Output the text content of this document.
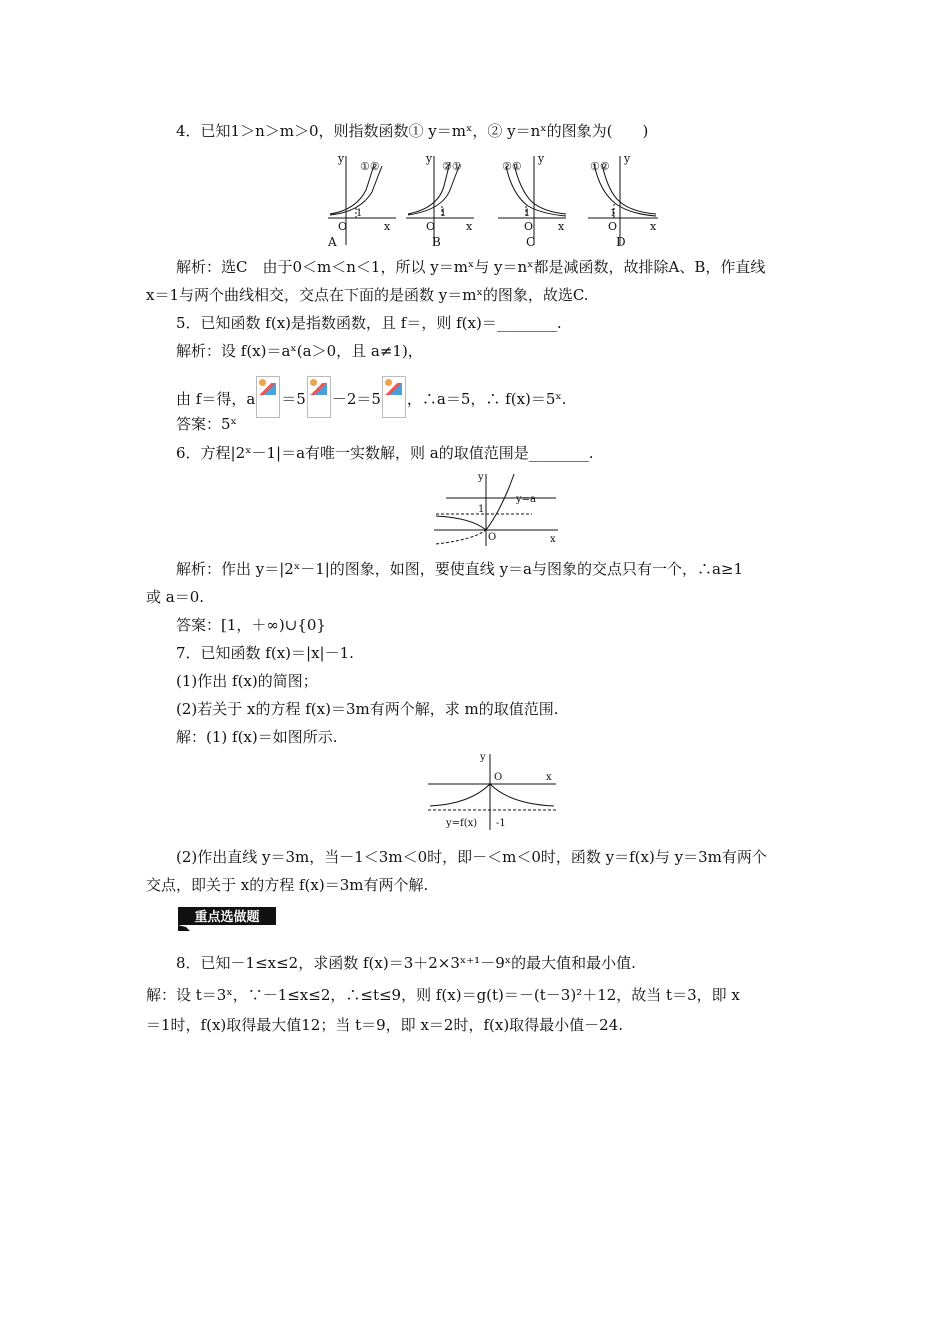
4．已知1＞n＞m＞0，则指数函数① y＝mˣ，② y＝nˣ的图象为(　　)
y
①②
1
O	x
A
y
②①
1
O	x
B
y
②①
1
O x
C
y
①②
1
O	x
D
解析：选C　由于0＜m＜n＜1，所以 y＝mˣ与 y＝nˣ都是减函数，故排除A、B，作直线
x＝1与两个曲线相交，交点在下面的是函数 y＝mˣ的图象，故选C.
5．已知函数 f(x)是指数函数，且 f＝，则 f(x)＝________.
解析：设 f(x)＝aˣ(a＞0，且 a≠1)，
由 f＝得，a ＝5 －2＝5 ，∴a＝5，∴ f(x)＝5ˣ.
答案：5ˣ
6．方程|2ˣ－1|＝a有唯一实数解，则 a的取值范围是________.
y
y=a
1
O	x
解析：作出 y＝|2ˣ－1|的图象，如图，要使直线 y＝a与图象的交点只有一个，∴a≥1
或 a＝0.
答案：[1，＋∞)∪{0}
7．已知函数 f(x)＝|x|－1.
(1)作出 f(x)的简图；
(2)若关于 x的方程 f(x)＝3m有两个解，求 m的取值范围.
解：(1) f(x)＝如图所示.
y
O	x
y=f(x) -1
(2)作出直线 y＝3m，当－1＜3m＜0时，即－＜m＜0时，函数 y＝f(x)与 y＝3m有两个
交点，即关于 x的方程 f(x)＝3m有两个解.
重点选做题
8．已知－1≤x≤2，求函数 f(x)＝3＋2×3ˣ⁺¹－9ˣ的最大值和最小值.
解：设 t＝3ˣ，∵－1≤x≤2，∴≤t≤9，则 f(x)＝g(t)＝－(t－3)²＋12，故当 t＝3，即 x
＝1时，f(x)取得最大值12；当 t＝9，即 x＝2时，f(x)取得最小值－24.
